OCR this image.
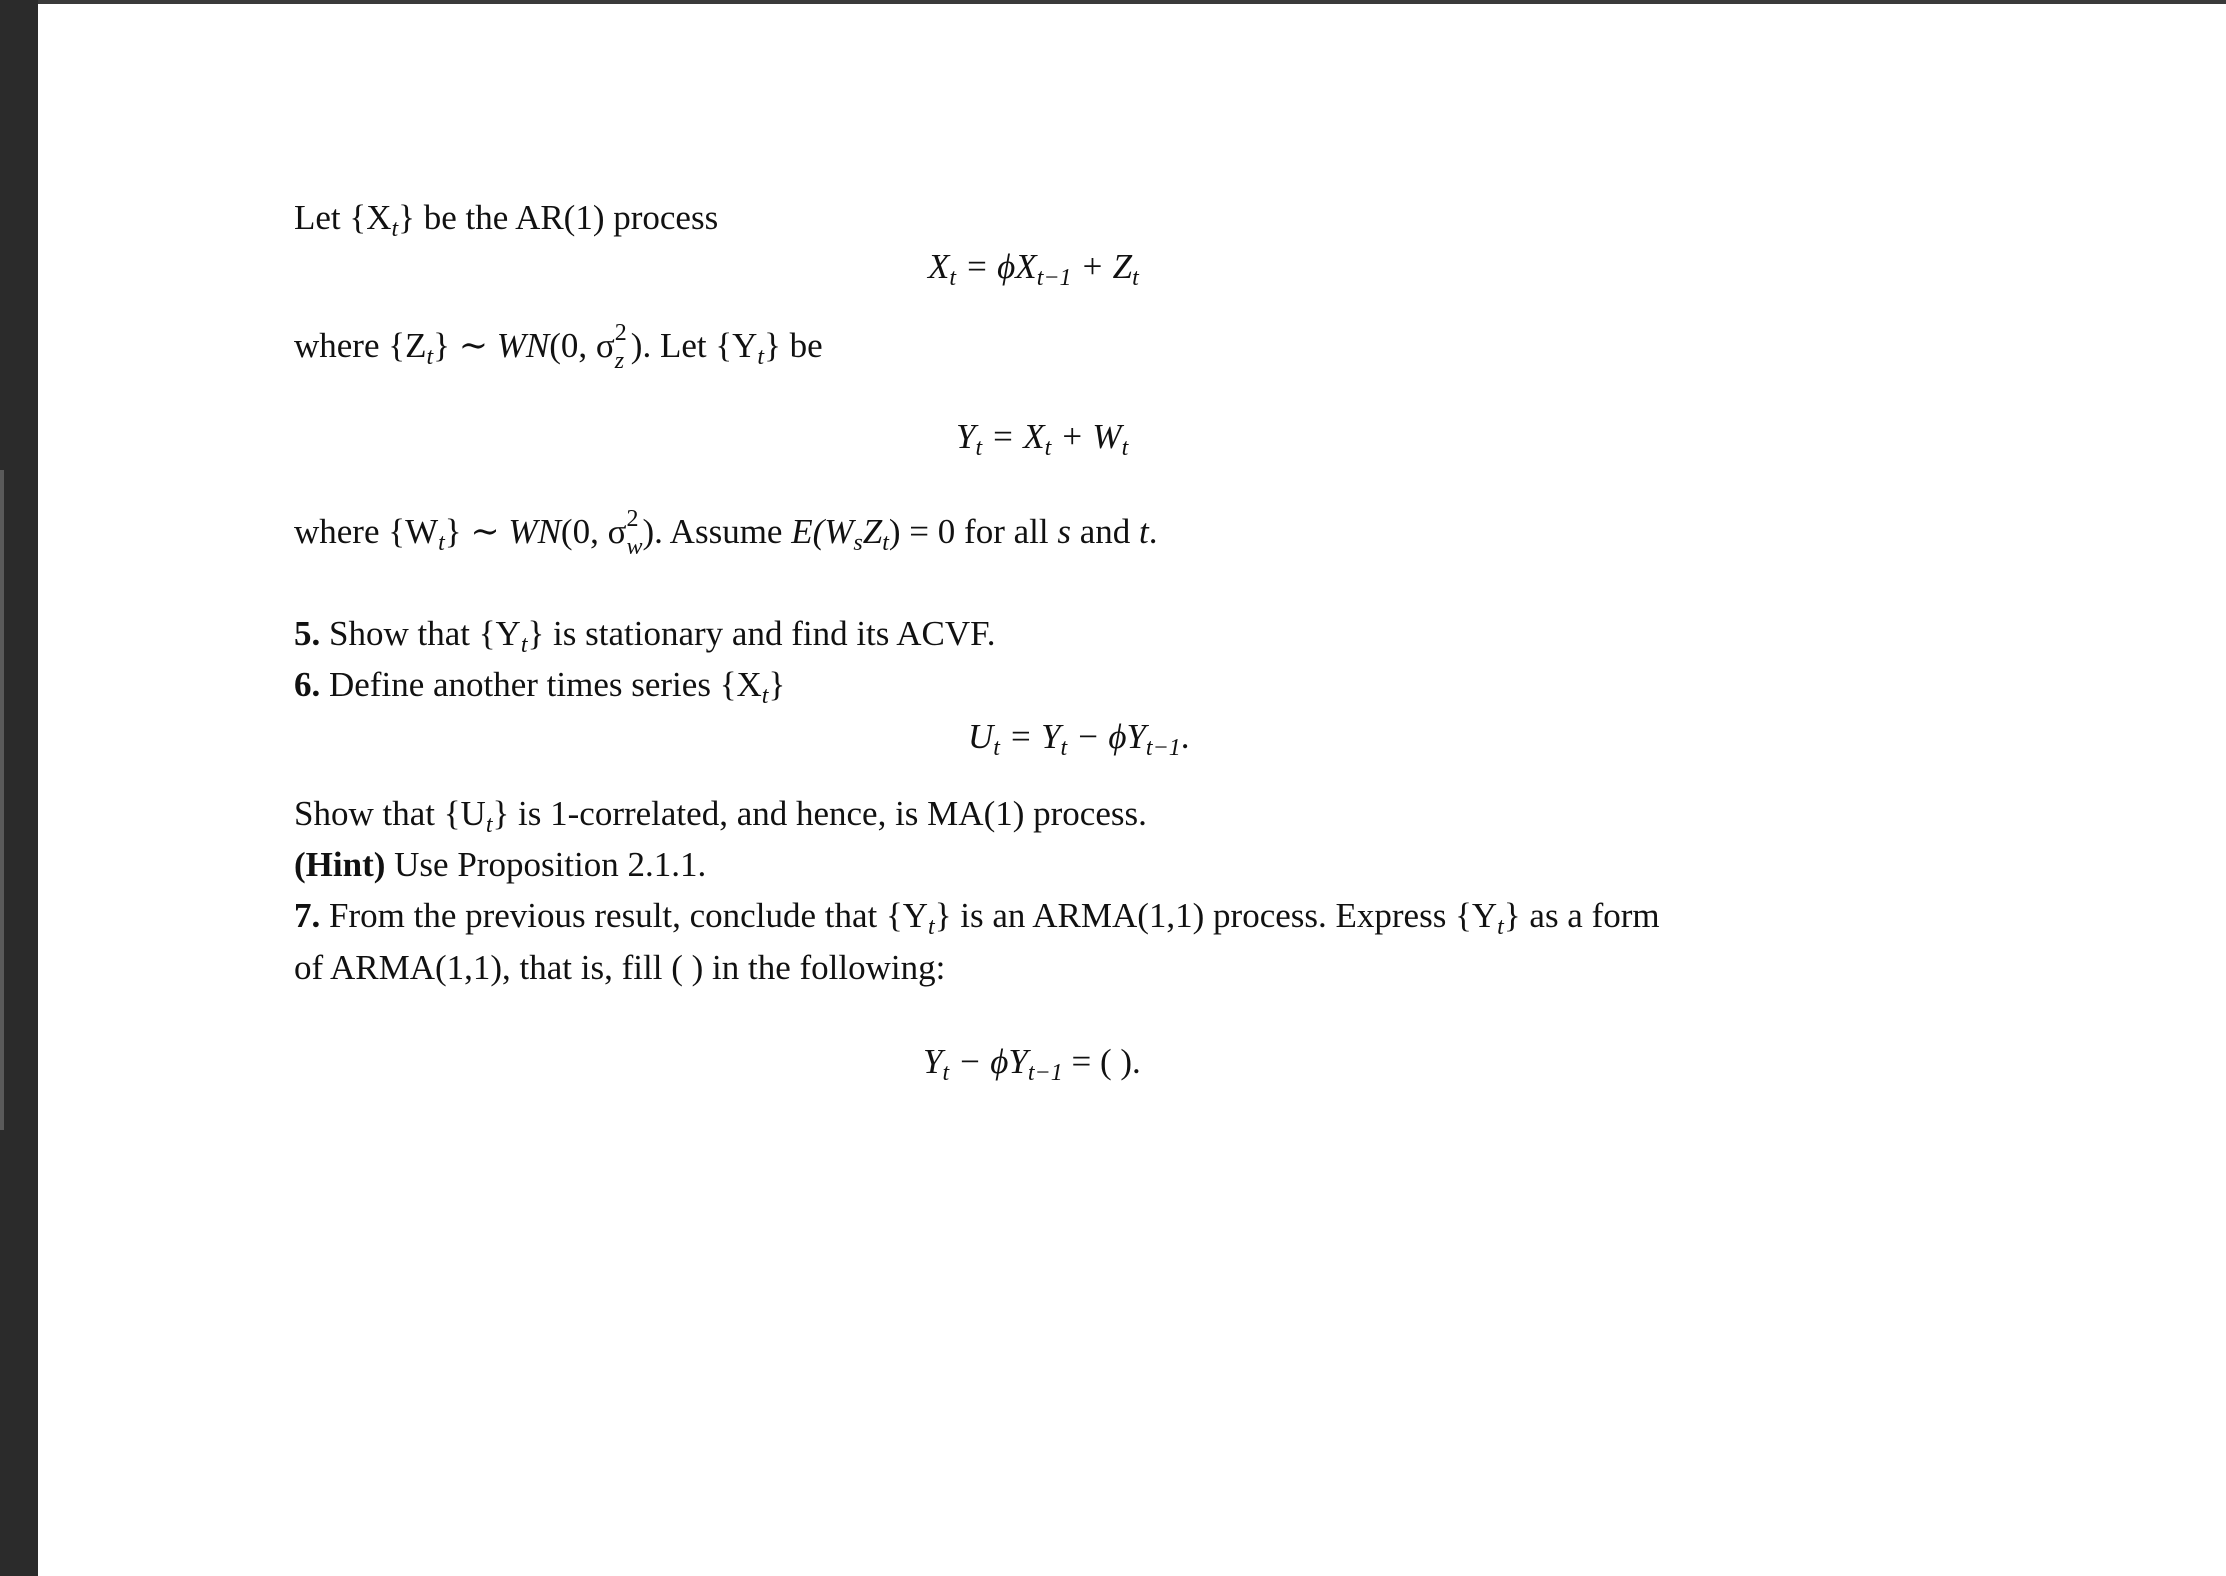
Let $\{X_t\}$ be the AR(1) process
$X_t = \phi X_{t-1} + Z_t$
where $\{Z_t\}$ ∼ WN(0, σ 2
z ). Let $\{Y_t\}$ be
$Y_t = X_t + W_t$
where $\{W_t\}$ ∼ WN(0, σ 2
w ). Assume $E(W_sZ_t) = 0$ for all s and t.
5. Show that $\{Y_t\}$ is stationary and find its ACVF.
6. Define another times series $\{X_t\}$
$U_t = Y_t - \phi Y_{t-1}$.
Show that $\{U_t\}$ is 1-correlated, and hence, is MA(1) process.
(Hint) Use Proposition 2.1.1.
7. From the previous result, conclude that $\{Y_t\}$ is an ARMA(1,1) process. Express $\{Y_t\}$ as a form
of ARMA(1,1), that is, fill ( ) in the following:
$Y_t - \phi Y_{t-1}$ = ( ).
